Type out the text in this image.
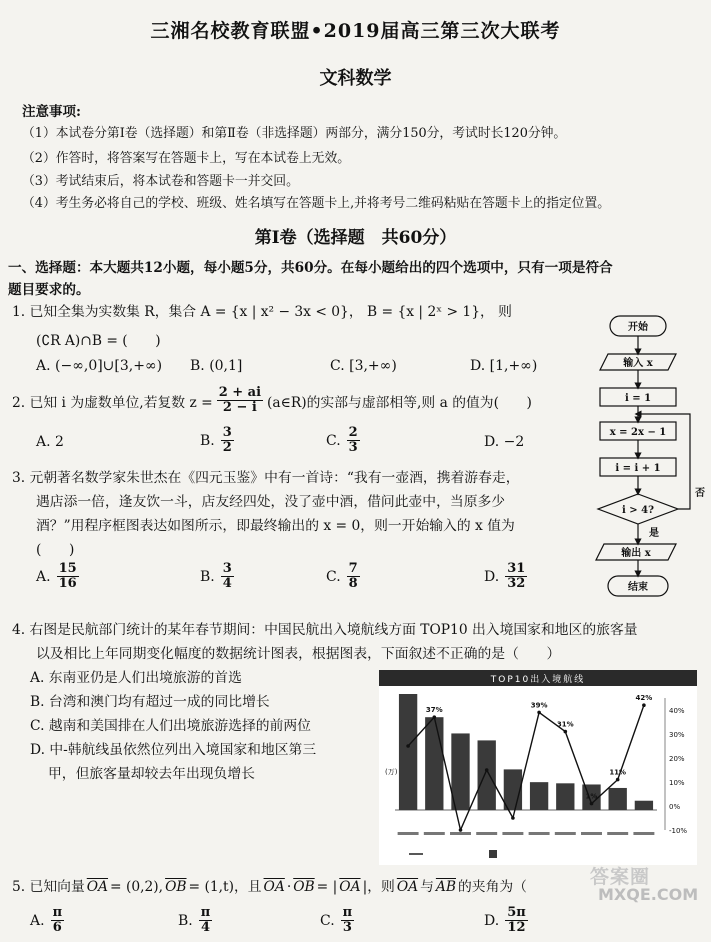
三湘名校教育联盟•2019届高三第三次大联考
文科数学
注意事项:
（1）本试卷分第Ⅰ卷（选择题）和第Ⅱ卷（非选择题）两部分，满分150分，考试时长120分钟。
（2）作答时，将答案写在答题卡上，写在本试卷上无效。
（3）考试结束后，将本试卷和答题卡一并交回。
（4）考生务必将自己的学校、班级、姓名填写在答题卡上,并将考号二维码粘贴在答题卡上的指定位置。
第Ⅰ卷（选择题　共60分）
一、选择题：本大题共12小题，每小题5分，共60分。在每小题给出的四个选项中，只有一项是符合
题目要求的。
1. 已知全集为实数集 R，集合 A = {x | x² − 3x < 0}， B = {x | 2ˣ > 1}， 则
(∁R A)∩B = (　　)
A. (−∞,0]∪[3,+∞) B. (0,1]	C. [3,+∞)	D. [1,+∞)
2. 已知 i 为虚数单位,若复数 $z = \frac{2 + ai}{2 - i}$ (a∈R)的实部与虚部相等,则 a 的值为(　　)
A. 2	B. $\frac{3}{2}$	C. $\frac{2}{3}$	D. −2
3. 元朝著名数学家朱世杰在《四元玉鉴》中有一首诗：“我有一壶酒，携着游春走，
遇店添一倍，逢友饮一斗，店友经四处，没了壶中酒，借问此壶中，当原多少
酒？”用程序框图表达如图所示，即最终输出的 x = 0，则一开始输入的 x 值为
(　　)
A. $\frac{15}{16}$	B. $\frac{3}{4}$	C. $\frac{7}{8}$	D. $\frac{31}{32}$
开始
输入 x
i = 1
x = 2x − 1
i = i + 1
i > 4?
否
是
输出 x
结束
4. 右图是民航部门统计的某年春节期间：中国民航出入境航线方面 TOP10 出入境国家和地区的旅客量
以及相比上年同期变化幅度的数据统计图表，根据图表，下面叙述不正确的是（　　）
A. 东南亚仍是人们出境旅游的首选
B. 台湾和澳门均有超过一成的同比增长
C. 越南和美国排在人们出境旅游选择的前两位
D. 中-韩航线虽依然位列出入境国家和地区第三
甲，但旅客量却较去年出现负增长
TOP10出入境航线
(万)
37%
39%
31%
42%
1%
11%
40%
30%
20%
10%
0%
-10%
5. 已知向量 $\overline{OA} = (0,2)$, $\overline{OB} = (1,t)$，且 $\overline{OA} \cdot \overline{OB}$ = | $\overline{OA}$ |，则 $\overline{OA}$ 与 $\overline{AB}$ 的夹角为（
A. $\frac{\pi}{6}$	B. $\frac{\pi}{4}$	C. $\frac{\pi}{3}$	D. $\frac{5\pi}{12}$
答案圈
MXQE.COM
